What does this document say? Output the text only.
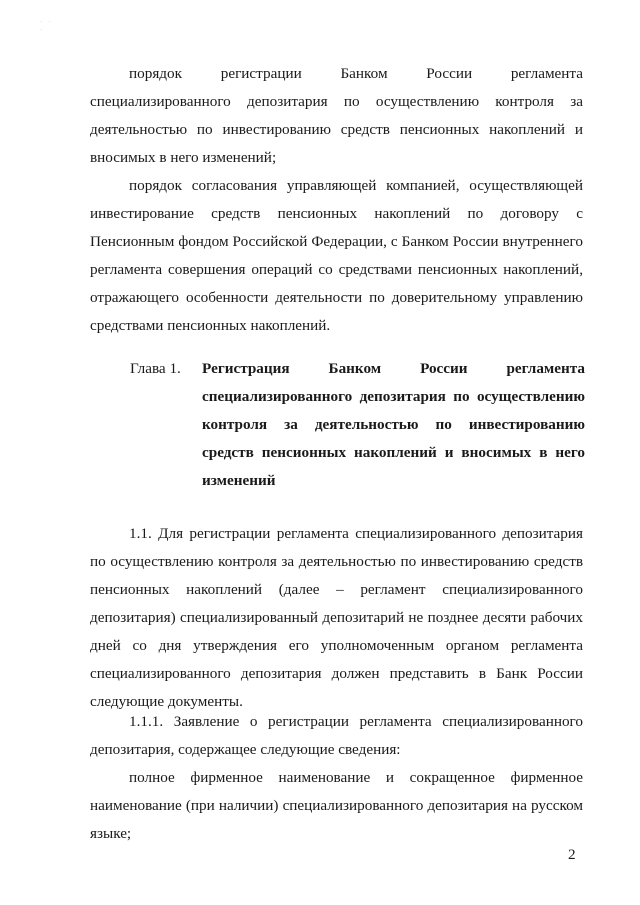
· · ·

порядок регистрации Банком России регламента специализированного депозитария по осуществлению контроля за деятельностью по инвестированию средств пенсионных накоплений и вносимых в него изменений;

порядок согласования управляющей компанией, осуществляющей инвестирование средств пенсионных накоплений по договору с Пенсионным фондом Российской Федерации, с Банком России внутреннего регламента совершения операций со средствами пенсионных накоплений, отражающего особенности деятельности по доверительному управлению средствами пенсионных накоплений.

Глава 1. Регистрация Банком России регламента специализированного депозитария по осуществлению контроля за деятельностью по инвестированию средств пенсионных накоплений и вносимых в него изменений

1.1. Для регистрации регламента специализированного депозитария по осуществлению контроля за деятельностью по инвестированию средств пенсионных накоплений (далее – регламент специализированного депозитария) специализированный депозитарий не позднее десяти рабочих дней со дня утверждения его уполномоченным органом регламента специализированного депозитария должен представить в Банк России следующие документы.

1.1.1. Заявление о регистрации регламента специализированного депозитария, содержащее следующие сведения:

полное фирменное наименование и сокращенное фирменное наименование (при наличии) специализированного депозитария на русском языке;

2
